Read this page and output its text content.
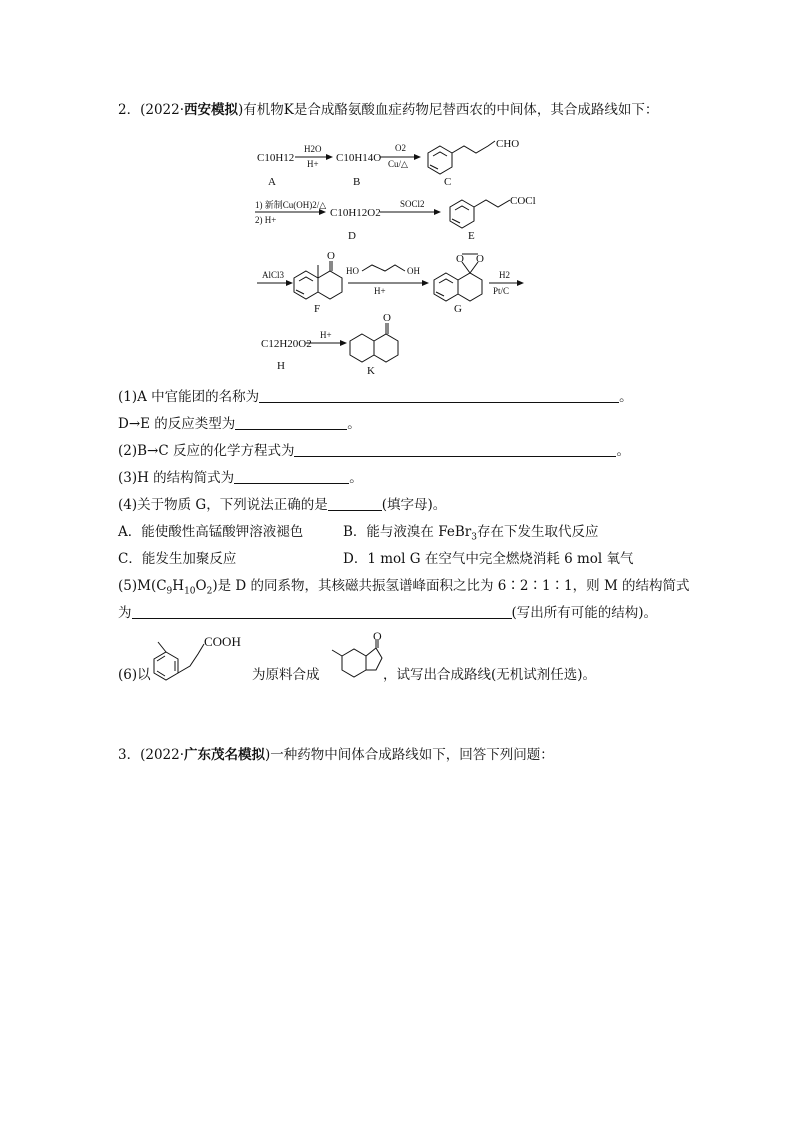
2．(2022·西安模拟)有机物K是合成酪氨酸血症药物尼替西农的中间体，其合成路线如下：
C10H12
A
H2O
H+ C10H14O
B
O2
Cu/△
CHO
C
1) 新制Cu(OH)2/△
2) H+
C10H12O2
D
SOCl2	COCl
E
AlCl3
O
F
HO	OH
H+
O O
G
H2
Pt/C
C12H20O2
H
H+
O
K
(1)A 中官能团的名称为	。
D→E 的反应类型为	。
(2)B→C 反应的化学方程式为	。
(3)H 的结构简式为	。
(4)关于物质 G，下列说法正确的是	(填字母)。
A．能使酸性高锰酸钾溶液褪色	B．能与液溴在 FeBr$_3$存在下发生取代反应
C．能发生加聚反应	D．1 mol G 在空气中完全燃烧消耗 6 mol 氧气
$(5)M(C_9H_{10}O_2)$是 D 的同系物，其核磁共振氢谱峰面积之比为 6∶2∶1∶1，则 M 的结构简式
为	(写出所有可能的结构)。
(6)以
COOH
为原料合成
O
，试写出合成路线(无机试剂任选)。
3．(2022·广东茂名模拟)一种药物中间体合成路线如下，回答下列问题：
